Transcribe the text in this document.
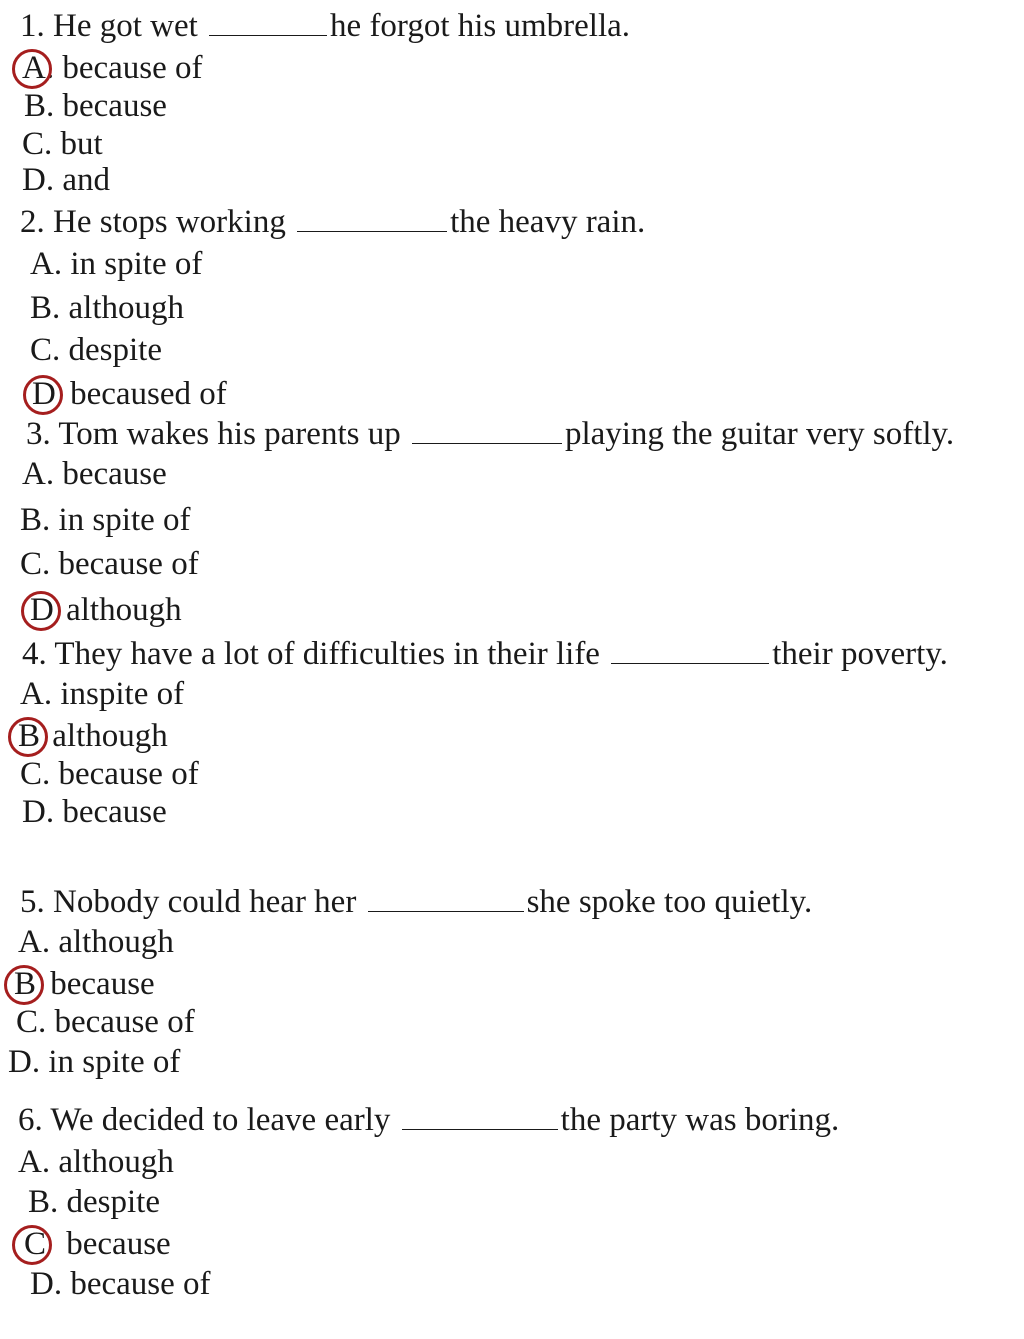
1. He got wet	he forgot his umbrella.
A. because of
B. because
C. but
D. and
2. He stops working	the heavy rain.
A. in spite of
B. although
C. despite
D becaused of
3. Tom wakes his parents up	playing the guitar very softly.
A. because
B. in spite of
C. because of
D although
4. They have a lot of difficulties in their life	their poverty.
A. inspite of
B although
C. because of
D. because
5. Nobody could hear her	she spoke too quietly.
A. although
B because
C. because of
D. in spite of
6. We decided to leave early	the party was boring.
A. although
B. despite
C because
D. because of
